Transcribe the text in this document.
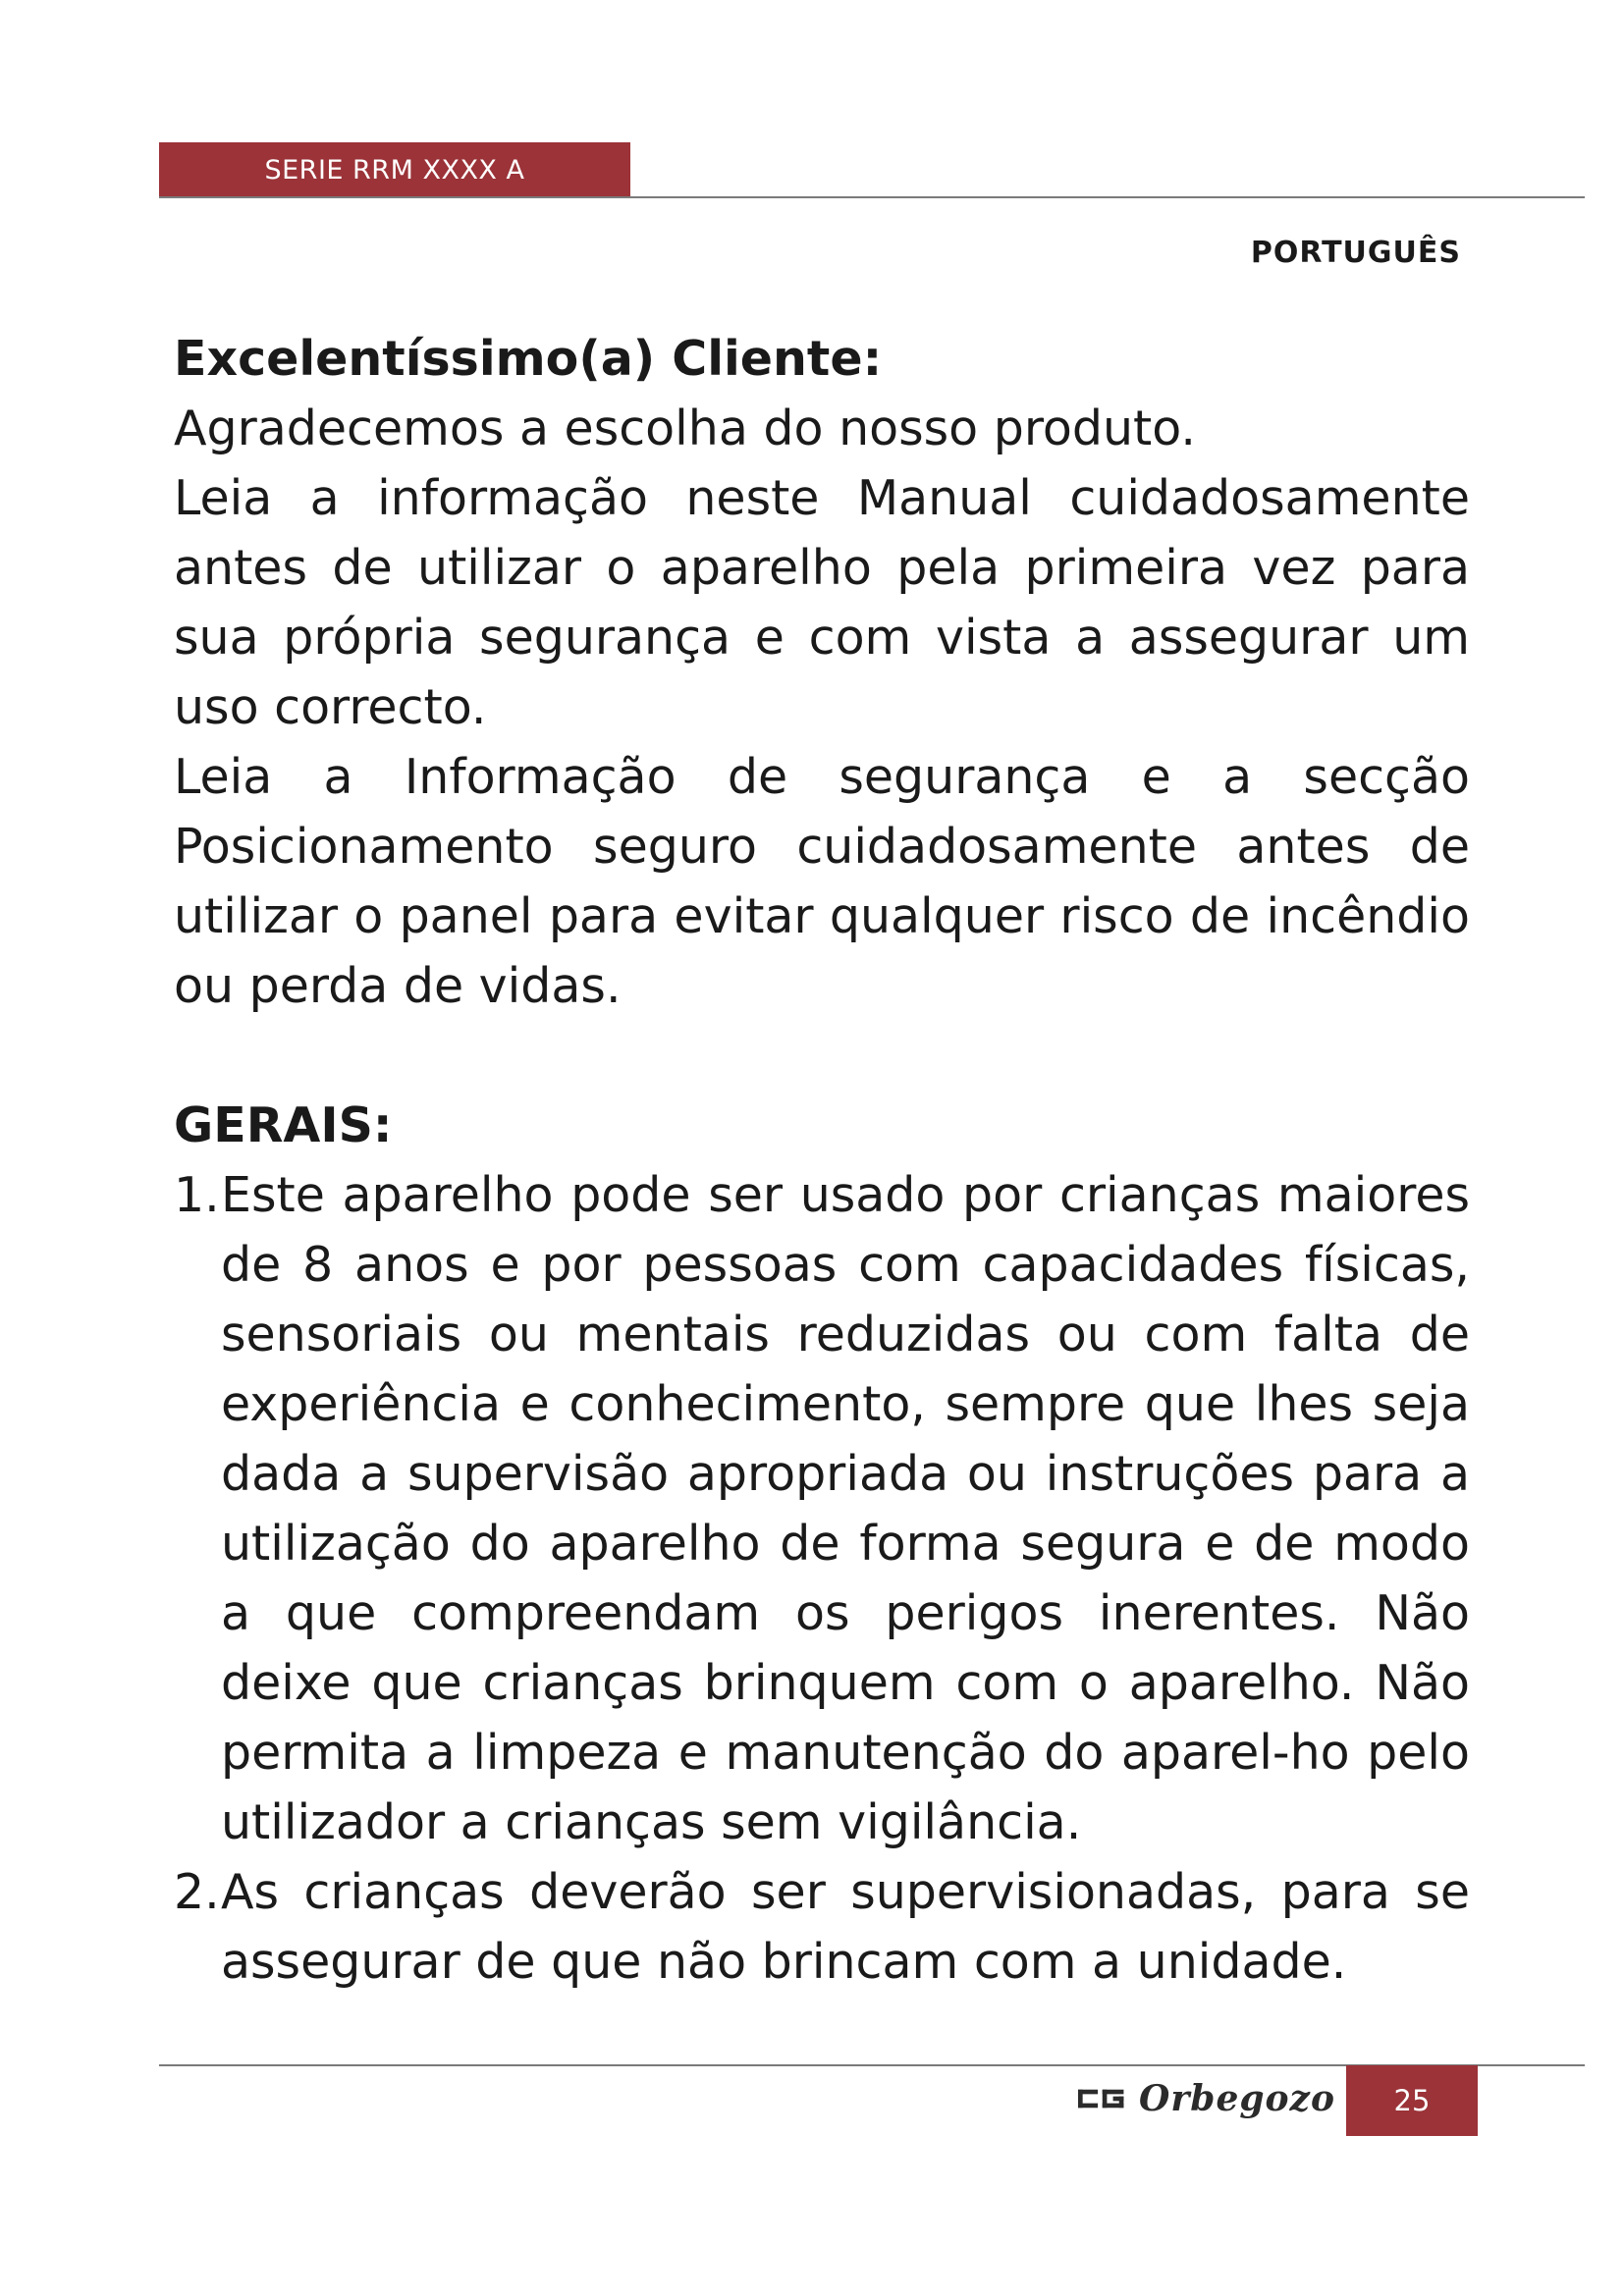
SERIE RRM XXXX A
PORTUGUÊS

Excelentíssimo(a) Cliente:

Agradecemos a escolha do nosso produto.

Leia a informação neste Manual cuidadosamente antes de utilizar o aparelho pela primeira vez para sua própria segurança e com vista a assegurar um uso correcto.

Leia a Informação de segurança e a secção Posicionamento seguro cuidadosamente antes de utilizar o panel para evitar qualquer risco de incêndio ou perda de vidas.

GERAIS:

1. Este aparelho pode ser usado por crianças maiores de 8 anos e por pessoas com capacidades físicas, sensoriais ou mentais reduzidas ou com falta de experiência e conhecimento, sempre que lhes seja dada a supervisão apropriada ou instruções para a utilização do aparelho de forma segura e de modo a que compreendam os perigos inerentes. Não deixe que crianças brinquem com o aparelho. Não permita a limpeza e manutenção do aparel-ho pelo utilizador a crianças sem vigilância.
2. As crianças deverão ser supervisionadas, para se assegurar de que não brincam com a unidade.
Orbegozo 25
